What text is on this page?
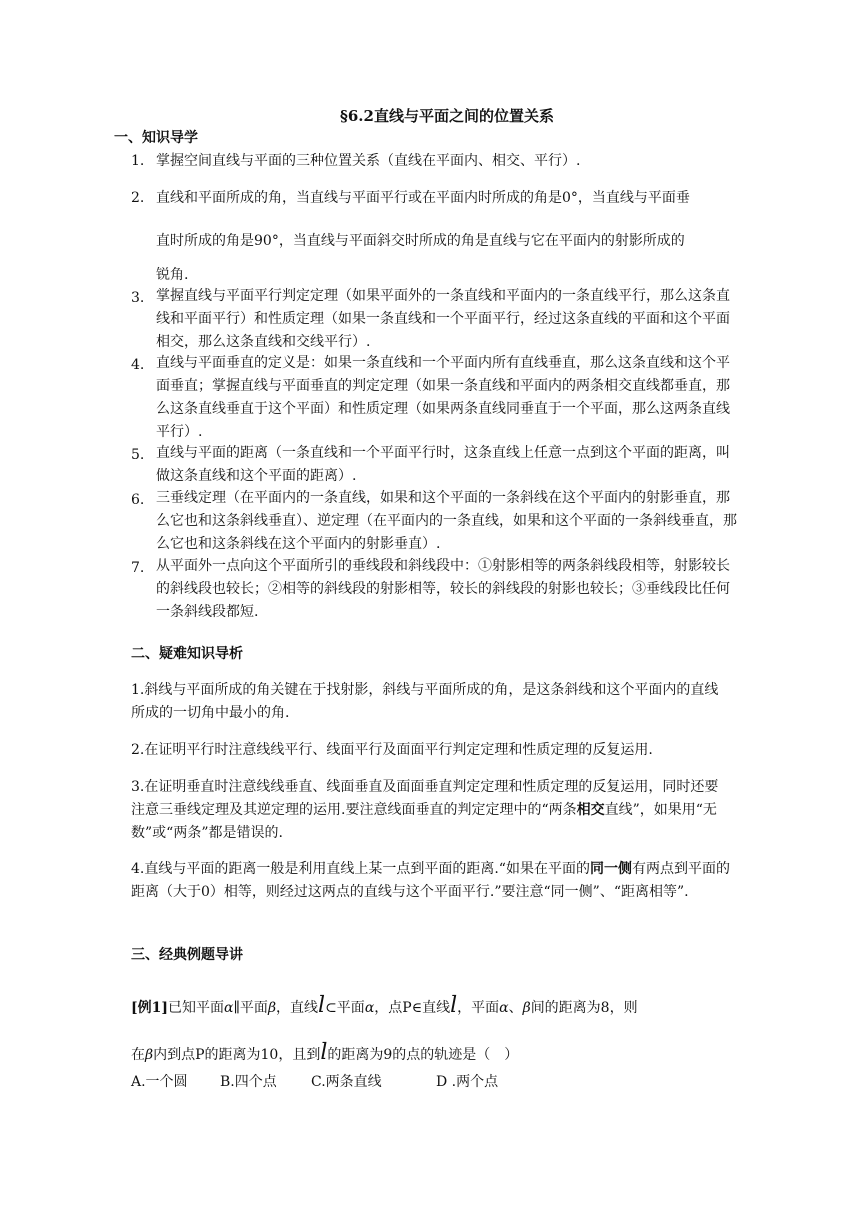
§6.2直线与平面之间的位置关系
一、知识导学
1. 掌握空间直线与平面的三种位置关系（直线在平面内、相交、平行）.
2. 直线和平面所成的角，当直线与平面平行或在平面内时所成的角是0°，当直线与平面垂
直时所成的角是90°，当直线与平面斜交时所成的角是直线与它在平面内的射影所成的
锐角.
3. 掌握直线与平面平行判定定理（如果平面外的一条直线和平面内的一条直线平行，那么这条直线和平面平行）和性质定理（如果一条直线和一个平面平行，经过这条直线的平面和这个平面相交，那么这条直线和交线平行）.
4. 直线与平面垂直的定义是：如果一条直线和一个平面内所有直线垂直，那么这条直线和这个平面垂直；掌握直线与平面垂直的判定定理（如果一条直线和平面内的两条相交直线都垂直，那么这条直线垂直于这个平面）和性质定理（如果两条直线同垂直于一个平面，那么这两条直线平行）.
5. 直线与平面的距离（一条直线和一个平面平行时，这条直线上任意一点到这个平面的距离，叫做这条直线和这个平面的距离）.
6. 三垂线定理（在平面内的一条直线，如果和这个平面的一条斜线在这个平面内的射影垂直，那么它也和这条斜线垂直）、逆定理（在平面内的一条直线，如果和这个平面的一条斜线垂直，那么它也和这条斜线在这个平面内的射影垂直）.
7. 从平面外一点向这个平面所引的垂线段和斜线段中：①射影相等的两条斜线段相等，射影较长的斜线段也较长；②相等的斜线段的射影相等，较长的斜线段的射影也较长；③垂线段比任何一条斜线段都短.
二、疑难知识导析
1.斜线与平面所成的角关键在于找射影，斜线与平面所成的角，是这条斜线和这个平面内的直线所成的一切角中最小的角.
2.在证明平行时注意线线平行、线面平行及面面平行判定定理和性质定理的反复运用.
3.在证明垂直时注意线线垂直、线面垂直及面面垂直判定定理和性质定理的反复运用，同时还要注意三垂线定理及其逆定理的运用.要注意线面垂直的判定定理中的“两条相交直线”，如果用“无数”或“两条”都是错误的.
4.直线与平面的距离一般是利用直线上某一点到平面的距离.“如果在平面的同一侧有两点到平面的距离（大于0）相等，则经过这两点的直线与这个平面平行.”要注意“同一侧”、“距离相等”.
三、经典例题导讲
[例1]已知平面α∥平面β，直线l⊂平面α，点P∈直线l，平面α、β间的距离为8，则
在β内到点P的距离为10，且到l的距离为9的点的轨迹是（　）
A.一个圆 B.四个点 C.两条直线	D .两个点
